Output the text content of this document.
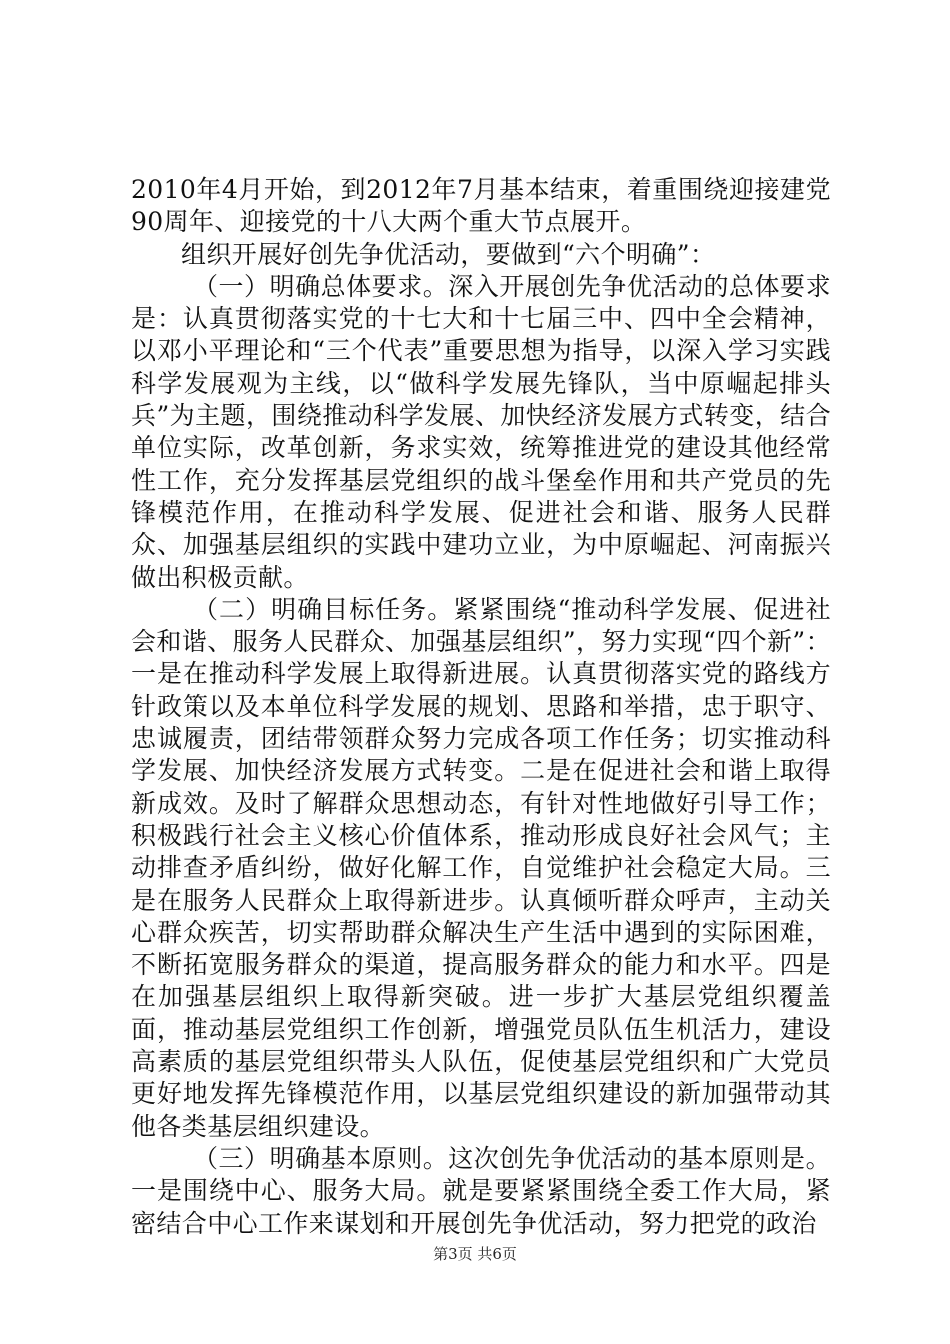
2010年4月开始，到2012年7月基本结束，着重围绕迎接建党90周年、迎接党的十八大两个重大节点展开。

组织开展好创先争优活动，要做到“六个明确”：

（一）明确总体要求。深入开展创先争优活动的总体要求是：认真贯彻落实党的十七大和十七届三中、四中全会精神，以邓小平理论和“三个代表”重要思想为指导，以深入学习实践科学发展观为主线，以“做科学发展先锋队，当中原崛起排头兵”为主题，围绕推动科学发展、加快经济发展方式转变，结合单位实际，改革创新，务求实效，统筹推进党的建设其他经常性工作，充分发挥基层党组织的战斗堡垒作用和共产党员的先锋模范作用，在推动科学发展、促进社会和谐、服务人民群众、加强基层组织的实践中建功立业，为中原崛起、河南振兴做出积极贡献。

（二）明确目标任务。紧紧围绕“推动科学发展、促进社会和谐、服务人民群众、加强基层组织”，努力实现“四个新”：一是在推动科学发展上取得新进展。认真贯彻落实党的路线方针政策以及本单位科学发展的规划、思路和举措，忠于职守、忠诚履责，团结带领群众努力完成各项工作任务；切实推动科学发展、加快经济发展方式转变。二是在促进社会和谐上取得新成效。及时了解群众思想动态，有针对性地做好引导工作；积极践行社会主义核心价值体系，推动形成良好社会风气；主动排查矛盾纠纷，做好化解工作，自觉维护社会稳定大局。三是在服务人民群众上取得新进步。认真倾听群众呼声，主动关心群众疾苦，切实帮助群众解决生产生活中遇到的实际困难，不断拓宽服务群众的渠道，提高服务群众的能力和水平。四是在加强基层组织上取得新突破。进一步扩大基层党组织覆盖面，推动基层党组织工作创新，增强党员队伍生机活力，建设高素质的基层党组织带头人队伍，促使基层党组织和广大党员更好地发挥先锋模范作用，以基层党组织建设的新加强带动其他各类基层组织建设。

（三）明确基本原则。这次创先争优活动的基本原则是。一是围绕中心、服务大局。就是要紧紧围绕全委工作大局，紧密结合中心工作来谋划和开展创先争优活动，努力把党的政治

第3页 共6页
